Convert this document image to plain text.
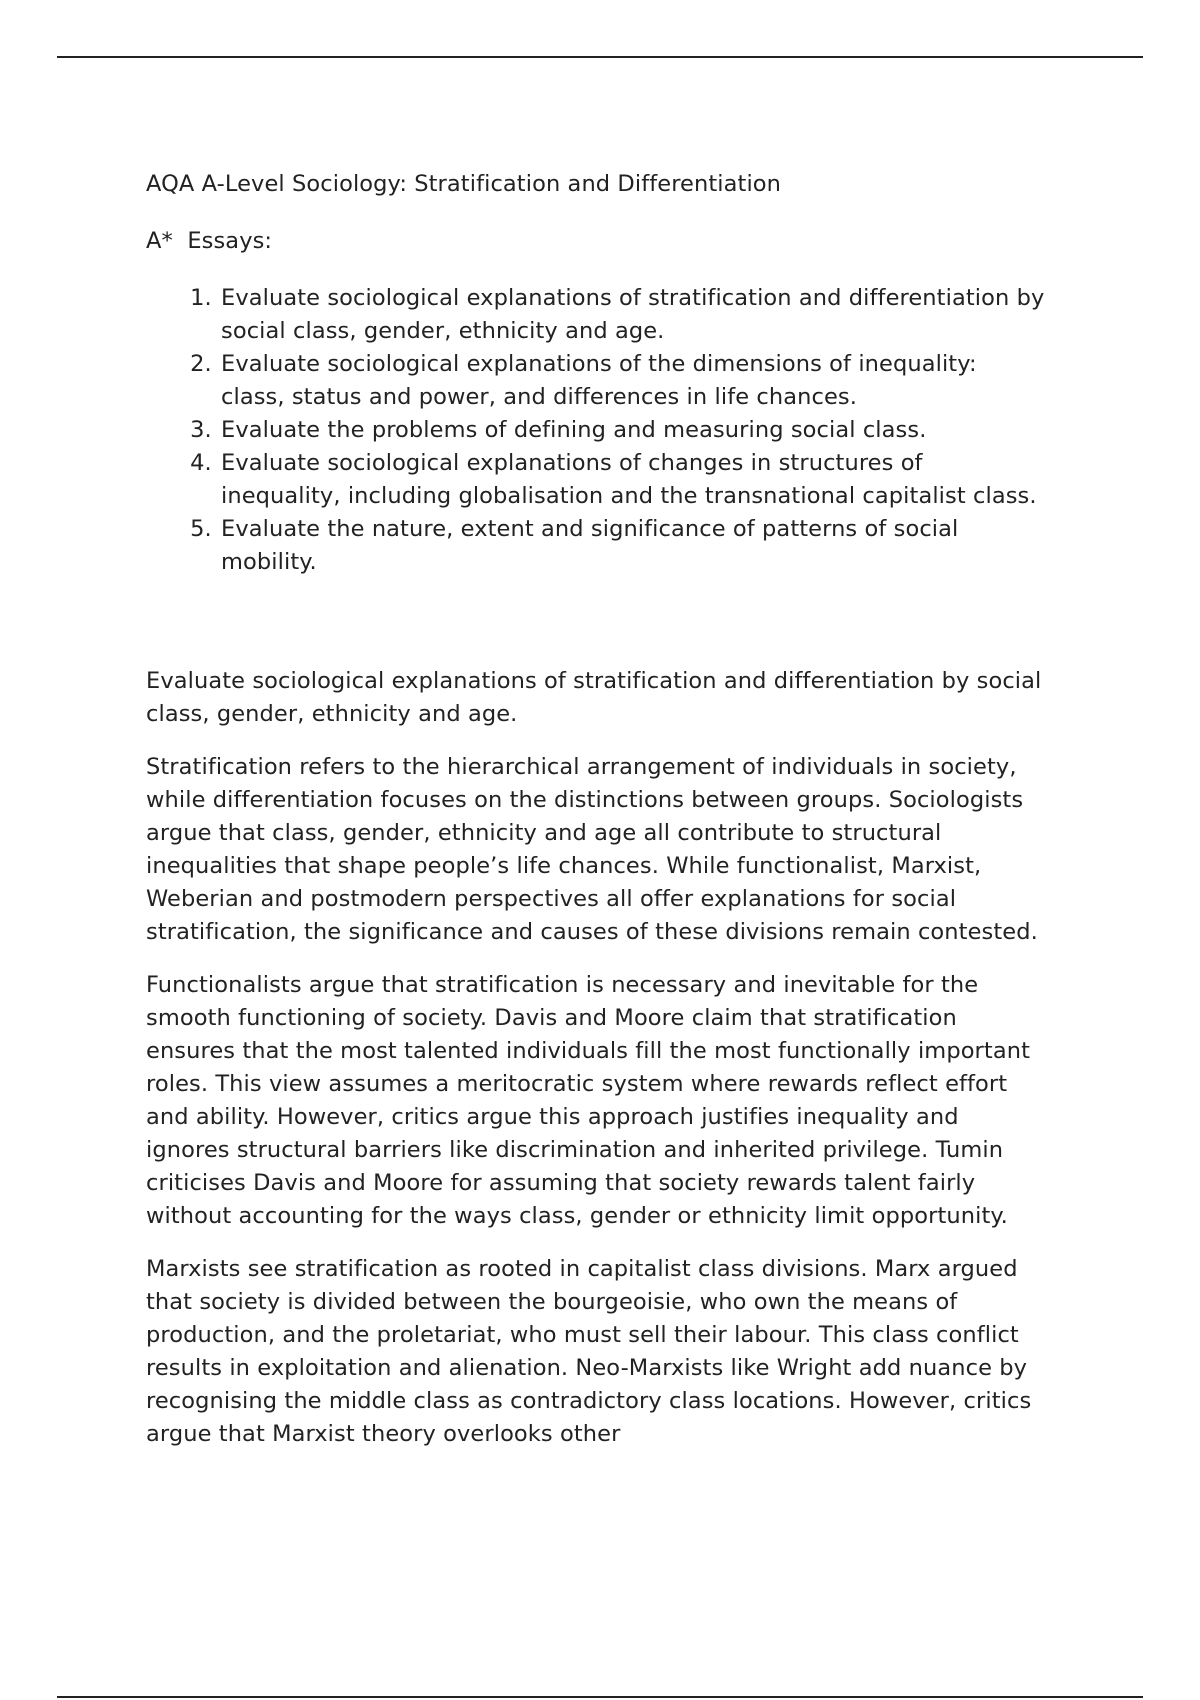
AQA A-Level Sociology: Stratification and Differentiation

A*  Essays:

1. Evaluate sociological explanations of stratification and differentiation by social class, gender, ethnicity and age.
2. Evaluate sociological explanations of the dimensions of inequality: class, status and power, and differences in life chances.
3. Evaluate the problems of defining and measuring social class.
4. Evaluate sociological explanations of changes in structures of inequality, including globalisation and the transnational capitalist class.
5. Evaluate the nature, extent and significance of patterns of social mobility.

Evaluate sociological explanations of stratification and differentiation by social class, gender, ethnicity and age.

Stratification refers to the hierarchical arrangement of individuals in society, while differentiation focuses on the distinctions between groups. Sociologists argue that class, gender, ethnicity and age all contribute to structural inequalities that shape people’s life chances. While functionalist, Marxist, Weberian and postmodern perspectives all offer explanations for social stratification, the significance and causes of these divisions remain contested.

Functionalists argue that stratification is necessary and inevitable for the smooth functioning of society. Davis and Moore claim that stratification ensures that the most talented individuals fill the most functionally important roles. This view assumes a meritocratic system where rewards reflect effort and ability. However, critics argue this approach justifies inequality and ignores structural barriers like discrimination and inherited privilege. Tumin criticises Davis and Moore for assuming that society rewards talent fairly without accounting for the ways class, gender or ethnicity limit opportunity.

Marxists see stratification as rooted in capitalist class divisions. Marx argued that society is divided between the bourgeoisie, who own the means of production, and the proletariat, who must sell their labour. This class conflict results in exploitation and alienation. Neo-Marxists like Wright add nuance by recognising the middle class as contradictory class locations. However, critics argue that Marxist theory overlooks other
